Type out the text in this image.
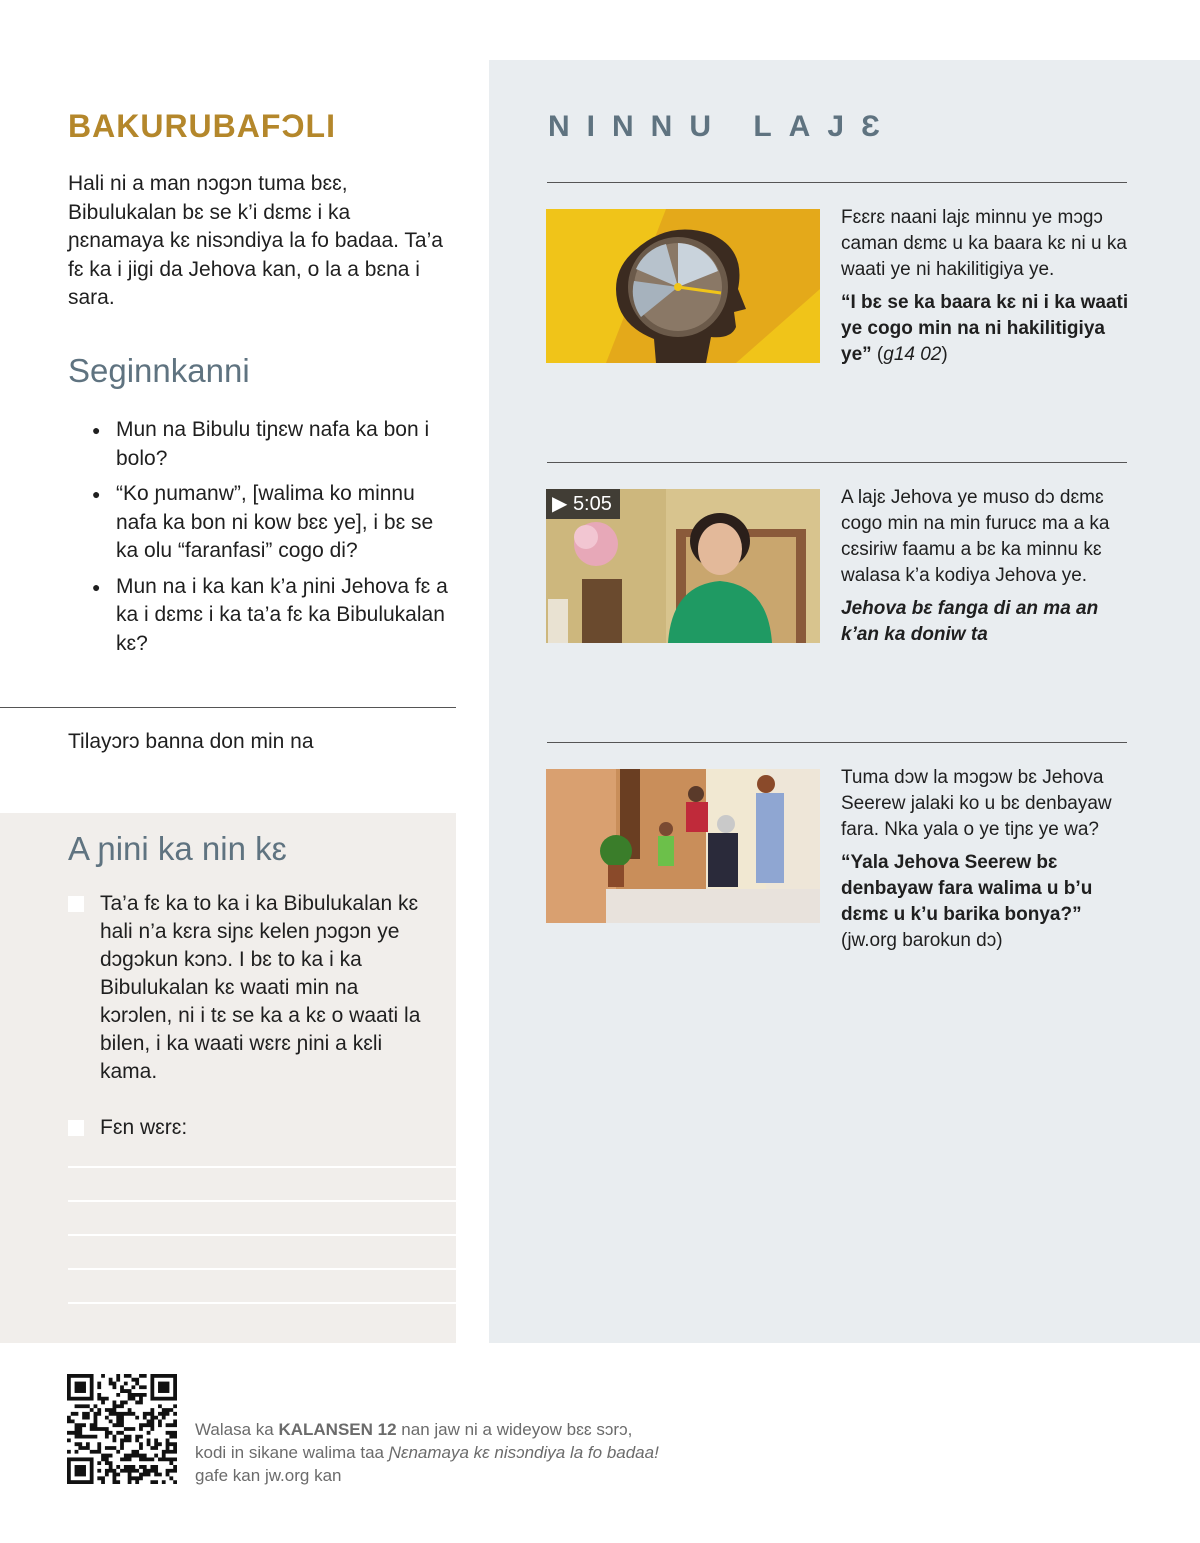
BAKURUBAFƆLI
Hali ni a man nɔgɔn tuma bɛɛ, Bibulukalan bɛ se k’i dɛmɛ i ka ɲɛnamaya kɛ nisɔndiya la fo badaa. Ta’a fɛ ka i jigi da Jehova kan, o la a bɛna i sara.
Seginnkanni
● Mun na Bibulu tiɲɛw nafa ka bon i bolo?
● “Ko ɲumanw”, [walima ko minnu nafa ka bon ni kow bɛɛ ye], i bɛ se ka olu “faranfasi” cogo di?
● Mun na i ka kan k’a ɲini Jehova fɛ a ka i dɛmɛ i ka ta’a fɛ ka Bibulukalan kɛ?
Tilayɔrɔ banna don min na
A ɲini ka nin kɛ
Ta’a fɛ ka to ka i ka Bibulukalan kɛ hali n’a kɛra siɲɛ kelen ɲɔgɔn ye dɔgɔkun kɔnɔ. I bɛ to ka i ka Bibulukalan kɛ waati min na kɔrɔlen, ni i tɛ se ka a kɛ o waati la bilen, i ka waati wɛrɛ ɲini a kɛli kama.
Fɛn wɛrɛ:
NINNU LAJƐ
Fɛɛrɛ naani lajɛ minnu ye mɔgɔ caman dɛmɛ u ka baara kɛ ni u ka waati ye ni hakilitigiya ye.
“I bɛ se ka baara kɛ ni i ka waati ye cogo min na ni hakilitigiya ye” (g14 02)
▶ 5:05	A lajɛ Jehova ye muso dɔ dɛmɛ cogo min na min furucɛ ma a ka cɛsiriw faamu a bɛ ka minnu kɛ walasa k’a kodiya Jehova ye.
Jehova bɛ fanga di an ma an k’an ka doniw ta
Tuma dɔw la mɔgɔw bɛ Jehova Seerew jalaki ko u bɛ denbayaw fara. Nka yala o ye tiɲɛ ye wa?
“Yala Jehova Seerew bɛ denbayaw fara walima u b’u dɛmɛ u k’u barika bonya?”
(jw.org barokun dɔ)
Walasa ka KALANSEN 12 nan jaw ni a wideyow bɛɛ sɔrɔ,
kodi in sikane walima taa Ɲɛnamaya kɛ nisɔndiya la fo badaa!
gafe kan jw.org kan
